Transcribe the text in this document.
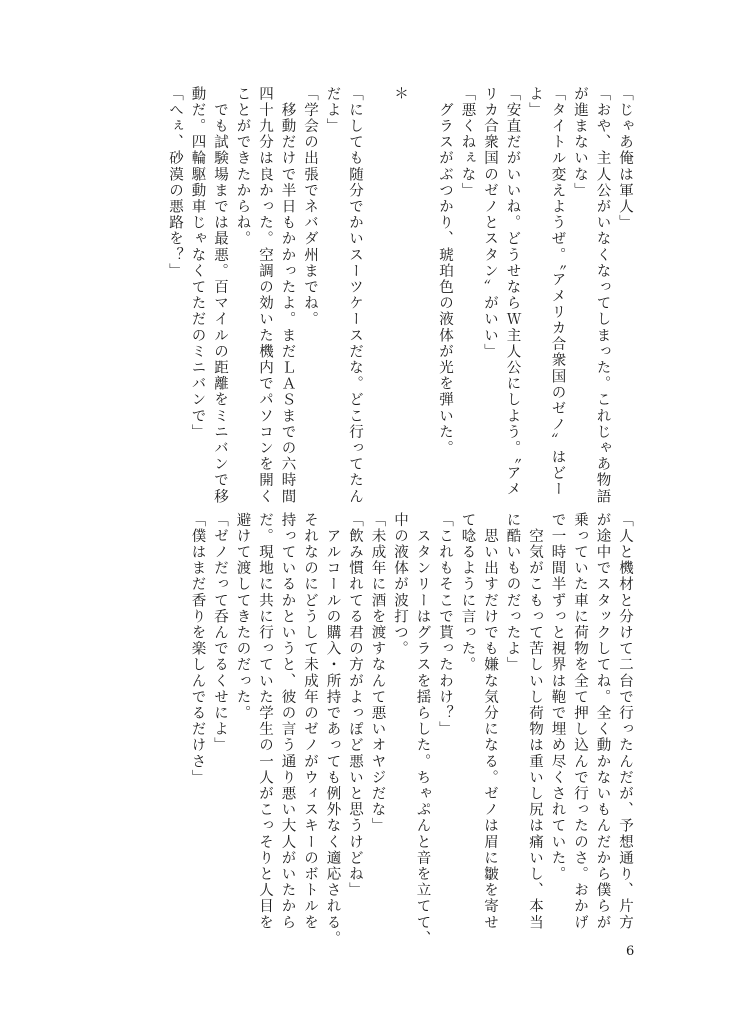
「じゃあ俺は軍人」
「おや、主人公がいなくなってしまった。これじゃあ物語
が進まないな」
「タイトル変えようぜ。〝アメリカ合衆国のゼノ〟はどー
よ」
「安直だがいいね。どうせならＷ主人公にしよう。〝アメ
リカ合衆国のゼノとスタン〟がいい」
「悪くねぇな」
　グラスがぶつかり、琥珀色の液体が光を弾いた。

＊

「にしても随分でかいスーツケースだな。どこ行ってたん
だよ」
「学会の出張でネバダ州までね。
　移動だけで半日もかかったよ。まだＬＡＳまでの六時間
四十九分は良かった。空調の効いた機内でパソコンを開く
ことができたからね。
　でも試験場までは最悪。百マイルの距離をミニバンで移
動だ。四輪駆動車じゃなくてただのミニバンで」
「へぇ、砂漠の悪路を？」
「人と機材と分けて二台で行ったんだが、予想通り、片方
が途中でスタックしてね。全く動かないもんだから僕らが
乗っていた車に荷物を全て押し込んで行ったのさ。おかげ
で一時間半ずっと視界は鞄で埋め尽くされていた。
　空気がこもって苦しいし荷物は重いし尻は痛いし、本当
に酷いものだったよ」
　思い出すだけでも嫌な気分になる。ゼノは眉に皺を寄せ
て唸るように言った。
「これもそこで貰ったわけ？」
　スタンリーはグラスを揺らした。ちゃぷんと音を立てて、
中の液体が波打つ。
「未成年に酒を渡すなんて悪いオヤジだな」
「飲み慣れてる君の方がよっぽど悪いと思うけどね」
　アルコールの購入・所持であっても例外なく適応される。
それなのにどうして未成年のゼノがウィスキーのボトルを
持っているかというと、彼の言う通り悪い大人がいたから
だ。現地に共に行っていた学生の一人がこっそりと人目を
避けて渡してきたのだった。
「ゼノだって呑んでるくせによ」
「僕はまだ香りを楽しんでるだけさ」
6
